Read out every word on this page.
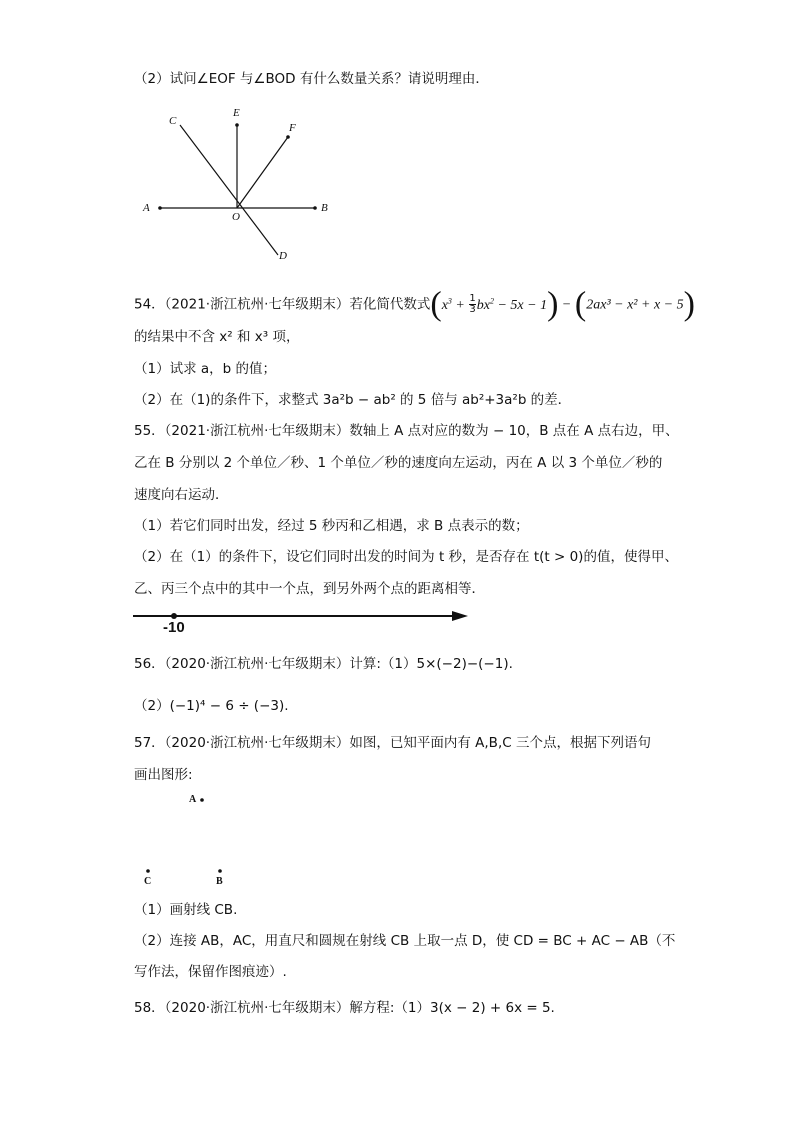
（2）试问∠EOF 与∠BOD 有什么数量关系？请说明理由．
C
E
F
A
O
B
D
54．（2021·浙江杭州·七年级期末）若化简代数式$(x^3 + \frac{1}{3} bx^2 - 5x - 1) - (2ax^3 - x^2 + x - 5)$
的结果中不含 x² 和 x³ 项，
（1）试求 a，b 的值；
（2）在（1)的条件下，求整式 3a²b − ab² 的 5 倍与 ab²+3a²b 的差．
55．（2021·浙江杭州·七年级期末）数轴上 A 点对应的数为 − 10，B 点在 A 点右边，甲、
乙在 B 分别以 2 个单位／秒、1 个单位／秒的速度向左运动，丙在 A 以 3 个单位／秒的
速度向右运动．
（1）若它们同时出发，经过 5 秒丙和乙相遇，求 B 点表示的数；
（2）在（1）的条件下，设它们同时出发的时间为 t 秒，是否存在 t(t > 0)的值，使得甲、
乙、丙三个点中的其中一个点，到另外两个点的距离相等．
-10
56．（2020·浙江杭州·七年级期末）计算:（1）5×(−2)−(−1).
（2）(−1)⁴ − 6 ÷ (−3).
57．（2020·浙江杭州·七年级期末）如图，已知平面内有 A,B,C 三个点，根据下列语句
画出图形:
A
C	B
（1）画射线 CB.
（2）连接 AB，AC，用直尺和圆规在射线 CB 上取一点 D，使 CD = BC + AC − AB（不
写作法，保留作图痕迹）.
58．（2020·浙江杭州·七年级期末）解方程:（1）3(x − 2) + 6x = 5.
